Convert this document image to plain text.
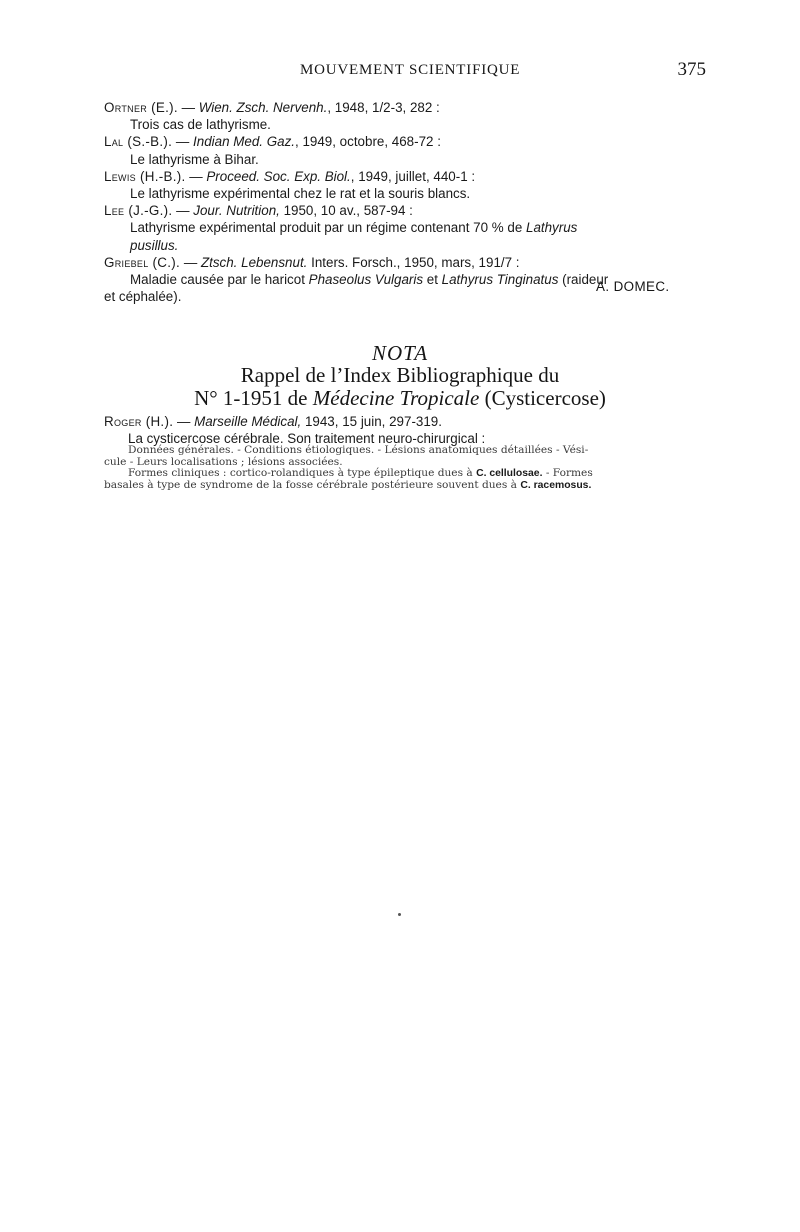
MOUVEMENT SCIENTIFIQUE	375

Ortner (E.). — Wien. Zsch. Nervenh., 1948, 1/2-3, 282 :
Trois cas de lathyrisme.

Lal (S.-B.). — Indian Med. Gaz., 1949, octobre, 468-72 :
Le lathyrisme à Bihar.

Lewis (H.-B.). — Proceed. Soc. Exp. Biol., 1949, juillet, 440-1 :
Le lathyrisme expérimental chez le rat et la souris blancs.

Lee (J.-G.). — Jour. Nutrition, 1950, 10 av., 587-94 :
Lathyrisme expérimental produit par un régime contenant 70 % de Lathyrus
pusillus.

Griebel (C.). — Ztsch. Lebensnut. Inters. Forsch., 1950, mars, 191/7 :
Maladie causée par le haricot Phaseolus Vulgaris et Lathyrus Tinginatus (raideur
et céphalée).

A. DOMEC.
NOTA
Rappel de l’Index Bibliographique du
N° 1-1951 de Médecine Tropicale (Cysticercose)
Roger (H.). — Marseille Médical, 1943, 15 juin, 297-319.
La cysticercose cérébrale. Son traitement neuro-chirurgical :
Données générales. - Conditions étiologiques. - Lésions anatomiques détaillées - Vési-
cule - Leurs localisations ; lésions associées.
Formes cliniques : cortico-rolandiques à type épileptique dues à C. cellulosae. - Formes
basales à type de syndrome de la fosse cérébrale postérieure souvent dues à C. racemosus.
